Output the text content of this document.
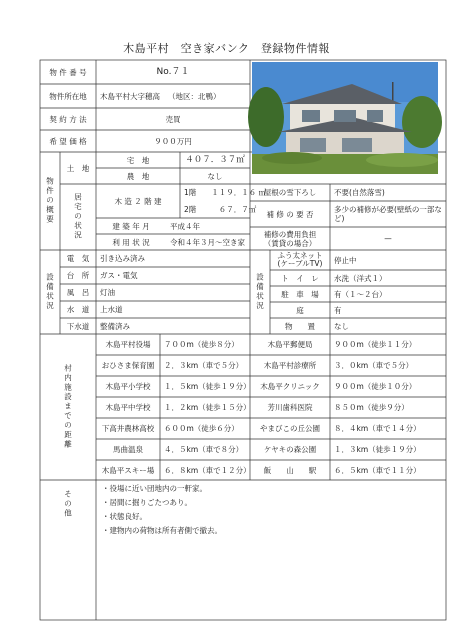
木島平村　空き家バンク　登録物件情報
物 件 番 号	No.７１
物件所在地	木島平村大字穂高 （地区：北鴨）
契 約 方 法	売買
希 望 価 格	９００万円
物件の概要
土　地
宅　地	４０７．３７㎡
農　地	なし
居宅の状況	木 造 ２ 階 建
1階　　１１９．１６ ㎡
2階　　　６７．７㎡
建 築 年 月	平成４年
利 用 状 況	令和４年３月～空き家
屋根の雪下ろし	不要(自然落雪)
補 修 の 要 否	多少の補修が必要(壁紙の一部など)
補修の費用負担
（賃貸の場合）	—
設備状況
電　気	引き込み済み
台　所	ガス・電気
風　呂	灯油
水　道	上水道
下水道	整備済み
設備状況
ふう太ネット
(ケーブルTV)	停止中
ト　イ　レ	水洗（洋式１）
駐　車　場	有（１～２台）
庭	有
物　　置	なし
村内施設までの距離
木島平村役場	７００m（徒歩８分）	木島平郵便局	９００m（徒歩１１分）
おひさま保育園	２．３km（車で５分）	木島平村診療所	３．０km（車で５分）
木島平小学校	１．５km（徒歩１９分）	木島平クリニック	９００m（徒歩１０分）
木島平中学校	１．２km（徒歩１５分）	芳川歯科医院	８５０m（徒歩９分）
下高井農林高校	６００m（徒歩６分）	やまびこの丘公園	８．４km（車で１４分）
馬曲温泉	４．５km（車で８分）	ケヤキの森公園	１．３km（徒歩１９分）
木島平スキー場	６．８km（車で１２分）	飯　　山　　駅	６．５km（車で１１分）
その他
・役場に近い団地内の一軒家。
・居間に掘りごたつあり。
・状態良好。
・建物内の荷物は所有者側で撤去。
